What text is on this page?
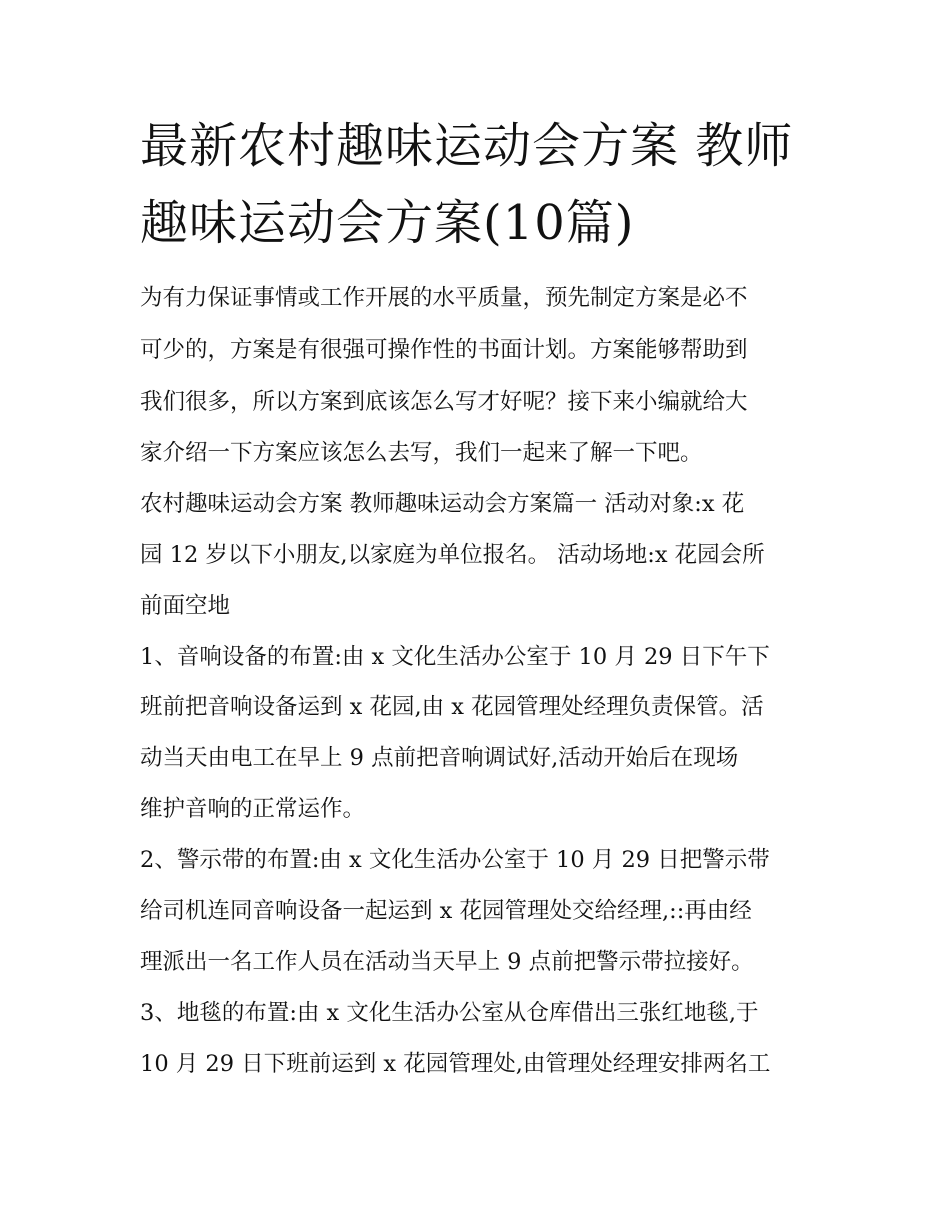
最新农村趣味运动会方案 教师
趣味运动会方案(10篇)
为有力保证事情或工作开展的水平质量，预先制定方案是必不
可少的，方案是有很强可操作性的书面计划。方案能够帮助到
我们很多，所以方案到底该怎么写才好呢？接下来小编就给大
家介绍一下方案应该怎么去写，我们一起来了解一下吧。
农村趣味运动会方案 教师趣味运动会方案篇一 活动对象:x 花
园 12 岁以下小朋友,以家庭为单位报名。 活动场地:x 花园会所
前面空地
1、音响设备的布置:由 x 文化生活办公室于 10 月 29 日下午下
班前把音响设备运到 x 花园,由 x 花园管理处经理负责保管。活
动当天由电工在早上 9 点前把音响调试好,活动开始后在现场
维护音响的正常运作。
2、警示带的布置:由 x 文化生活办公室于 10 月 29 日把警示带
给司机连同音响设备一起运到 x 花园管理处交给经理,::再由经
理派出一名工作人员在活动当天早上 9 点前把警示带拉接好。
3、地毯的布置:由 x 文化生活办公室从仓库借出三张红地毯,于
10 月 29 日下班前运到 x 花园管理处,由管理处经理安排两名工
